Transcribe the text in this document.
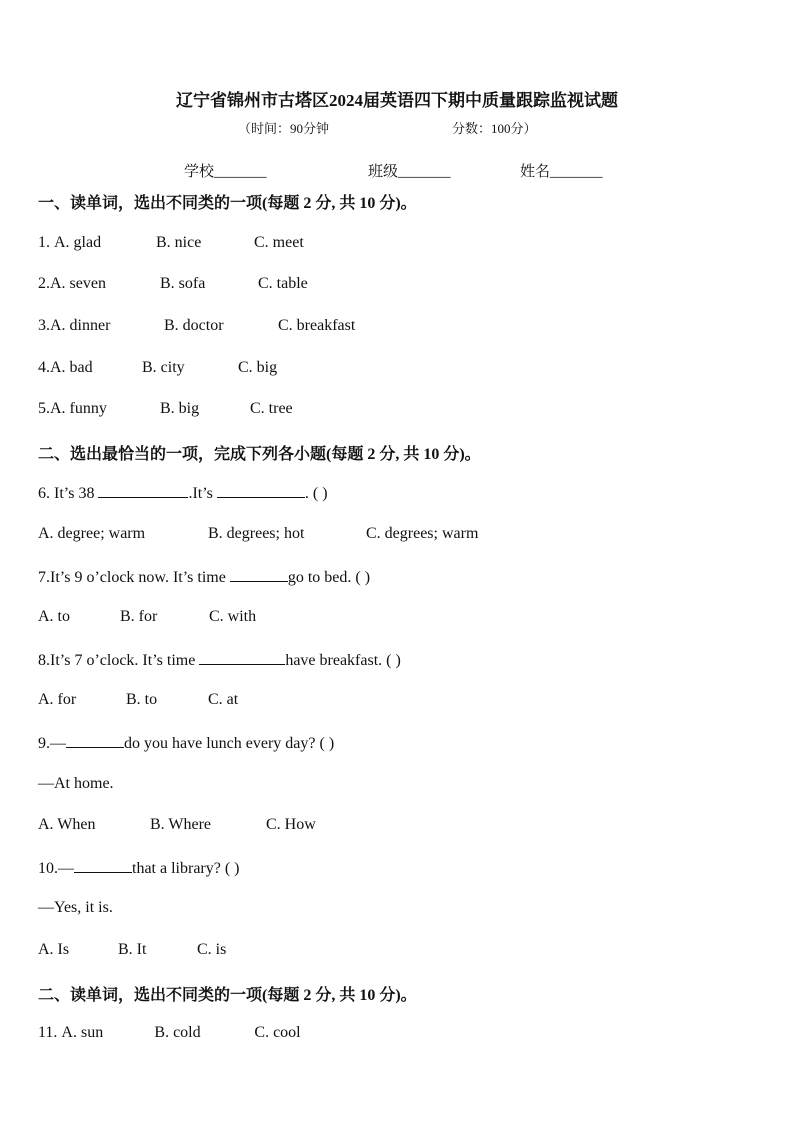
辽宁省锦州市古塔区2024届英语四下期中质量跟踪监视试题
（时间：90分钟	分数：100分）
学校_______	班级_______	姓名_______
一、读单词，选出不同类的一项(每题 2 分, 共 10 分)。
1. A. glad	B. nice	C. meet
2.A. seven	B. sofa	C. table
3.A. dinner	B. doctor	C. breakfast
4.A. bad	B. city	C. big
5.A. funny	B. big	C. tree
二、选出最恰当的一项，完成下列各小题(每题 2 分, 共 10 分)。
6. It’s 38	.It’s	. ( )
A. degree; warm	B. degrees; hot	C. degrees; warm
7.It’s 9 o’clock now. It’s time	go to bed. ( )
A. to	B. for	C. with
8.It’s 7 o’clock. It’s time	have breakfast. ( )
A. for	B. to	C. at
9.—	do you have lunch every day? ( )
—At home.
A. When	B. Where	C. How
10.—	that a library? ( )
—Yes, it is.
A. Is	B. It	C. is
二、读单词，选出不同类的一项(每题 2 分, 共 10 分)。
11. A. sun	B. cold	C. cool
